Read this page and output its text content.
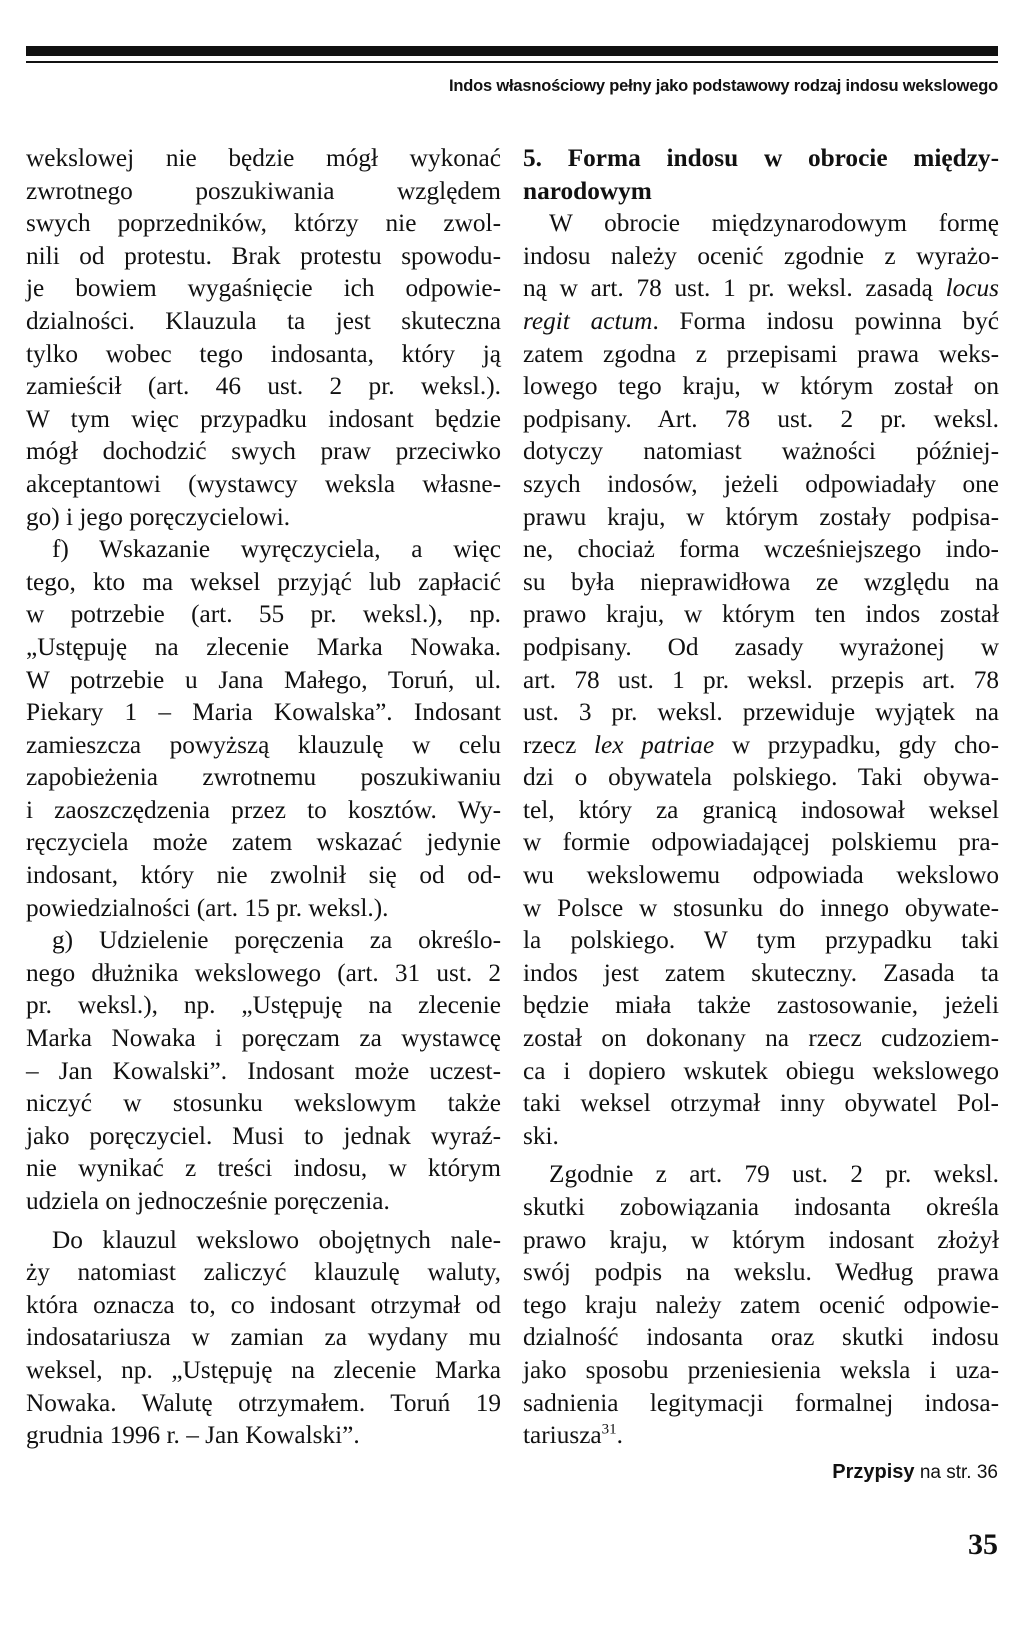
Indos własnościowy pełny jako podstawowy rodzaj indosu wekslowego
wekslowej nie będzie mógł wykonać
zwrotnego poszukiwania względem
swych poprzedników, którzy nie zwol-
nili od protestu. Brak protestu spowodu-
je bowiem wygaśnięcie ich odpowie-
dzialności. Klauzula ta jest skuteczna
tylko wobec tego indosanta, który ją
zamieścił (art. 46 ust. 2 pr. weksl.).
W tym więc przypadku indosant będzie
mógł dochodzić swych praw przeciwko
akceptantowi (wystawcy weksla własne-
go) i jego poręczycielowi.
f) Wskazanie wyręczyciela, a więc
tego, kto ma weksel przyjąć lub zapłacić
w potrzebie (art. 55 pr. weksl.), np.
„Ustępuję na zlecenie Marka Nowaka.
W potrzebie u Jana Małego, Toruń, ul.
Piekary 1 – Maria Kowalska”. Indosant
zamieszcza powyższą klauzulę w celu
zapobieżenia zwrotnemu poszukiwaniu
i zaoszczędzenia przez to kosztów. Wy-
ręczyciela może zatem wskazać jedynie
indosant, który nie zwolnił się od od-
powiedzialności (art. 15 pr. weksl.).
g) Udzielenie poręczenia za określo-
nego dłużnika wekslowego (art. 31 ust. 2
pr. weksl.), np. „Ustępuję na zlecenie
Marka Nowaka i poręczam za wystawcę
– Jan Kowalski”. Indosant może uczest-
niczyć w stosunku wekslowym także
jako poręczyciel. Musi to jednak wyraź-
nie wynikać z treści indosu, w którym
udziela on jednocześnie poręczenia.
Do klauzul wekslowo obojętnych nale-
ży natomiast zaliczyć klauzulę waluty,
która oznacza to, co indosant otrzymał od
indosatariusza w zamian za wydany mu
weksel, np. „Ustępuję na zlecenie Marka
Nowaka. Walutę otrzymałem. Toruń 19
grudnia 1996 r. – Jan Kowalski”.
5. Forma indosu w obrocie między-
narodowym
W obrocie międzynarodowym formę
indosu należy ocenić zgodnie z wyrażo-
ną w art. 78 ust. 1 pr. weksl. zasadą locus
regit actum. Forma indosu powinna być
zatem zgodna z przepisami prawa weks-
lowego tego kraju, w którym został on
podpisany. Art. 78 ust. 2 pr. weksl.
dotyczy natomiast ważności później-
szych indosów, jeżeli odpowiadały one
prawu kraju, w którym zostały podpisa-
ne, chociaż forma wcześniejszego indo-
su była nieprawidłowa ze względu na
prawo kraju, w którym ten indos został
podpisany. Od zasady wyrażonej w
art. 78 ust. 1 pr. weksl. przepis art. 78
ust. 3 pr. weksl. przewiduje wyjątek na
rzecz lex patriae w przypadku, gdy cho-
dzi o obywatela polskiego. Taki obywa-
tel, który za granicą indosował weksel
w formie odpowiadającej polskiemu pra-
wu wekslowemu odpowiada wekslowo
w Polsce w stosunku do innego obywate-
la polskiego. W tym przypadku taki
indos jest zatem skuteczny. Zasada ta
będzie miała także zastosowanie, jeżeli
został on dokonany na rzecz cudzoziem-
ca i dopiero wskutek obiegu wekslowego
taki weksel otrzymał inny obywatel Pol-
ski.
Zgodnie z art. 79 ust. 2 pr. weksl.
skutki zobowiązania indosanta określa
prawo kraju, w którym indosant złożył
swój podpis na wekslu. Według prawa
tego kraju należy zatem ocenić odpowie-
dzialność indosanta oraz skutki indosu
jako sposobu przeniesienia weksla i uza-
sadnienia legitymacji formalnej indosa-
tariusza$^{31}$.
Przypisy na str. 36
35
